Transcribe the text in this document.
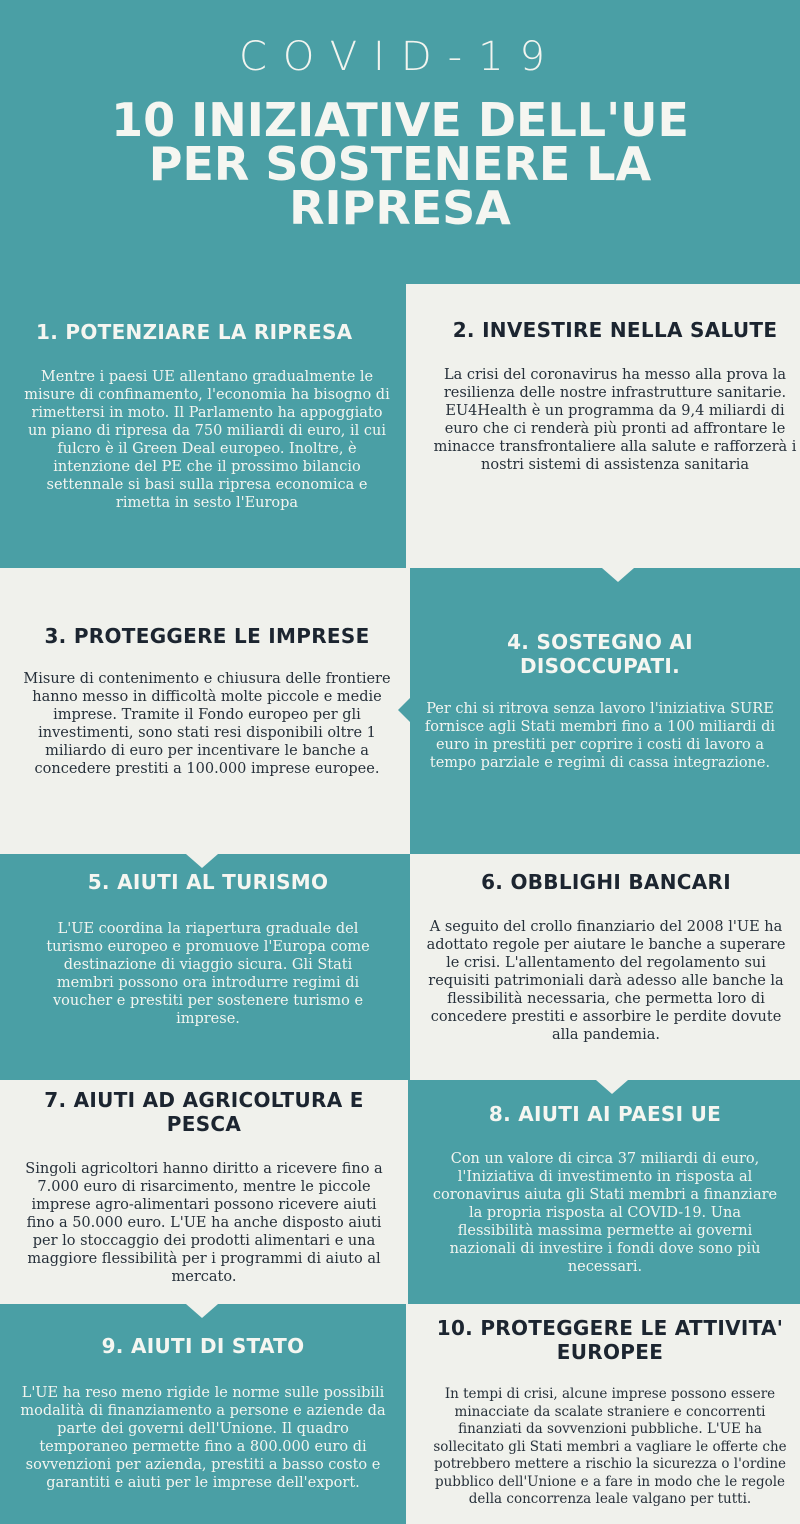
COVID-19
10 INIZIATIVE DELL'UE PER SOSTENERE LA RIPRESA
1. POTENZIARE LA RIPRESA

Mentre i paesi UE allentano gradualmente le misure di confinamento, l'economia ha bisogno di rimettersi in moto. Il Parlamento ha appoggiato un piano di ripresa da 750 miliardi di euro, il cui fulcro è il Green Deal europeo. Inoltre, è intenzione del PE che il prossimo bilancio settennale si basi sulla ripresa economica e rimetta in sesto l'Europa

2. INVESTIRE NELLA SALUTE

La crisi del coronavirus ha messo alla prova la resilienza delle nostre infrastrutture sanitarie. EU4Health è un programma da 9,4 miliardi di euro che ci renderà più pronti ad affrontare le minacce transfrontaliere alla salute e rafforzerà i nostri sistemi di assistenza sanitaria

3. PROTEGGERE LE IMPRESE

Misure di contenimento e chiusura delle frontiere hanno messo in difficoltà molte piccole e medie imprese. Tramite il Fondo europeo per gli investimenti, sono stati resi disponibili oltre 1 miliardo di euro per incentivare le banche a concedere prestiti a 100.000 imprese europee.

4. SOSTEGNO AI DISOCCUPATI.

Per chi si ritrova senza lavoro l'iniziativa SURE fornisce agli Stati membri fino a 100 miliardi di euro in prestiti per coprire i costi di lavoro a tempo parziale e regimi di cassa integrazione.

5. AIUTI AL TURISMO

L'UE coordina la riapertura graduale del turismo europeo e promuove l'Europa come destinazione di viaggio sicura. Gli Stati membri possono ora introdurre regimi di voucher e prestiti per sostenere turismo e imprese.

6. OBBLIGHI BANCARI

A seguito del crollo finanziario del 2008 l'UE ha adottato regole per aiutare le banche a superare le crisi. L'allentamento del regolamento sui requisiti patrimoniali darà adesso alle banche la flessibilità necessaria, che permetta loro di concedere prestiti e assorbire le perdite dovute alla pandemia.

7. AIUTI AD AGRICOLTURA E PESCA

Singoli agricoltori hanno diritto a ricevere fino a 7.000 euro di risarcimento, mentre le piccole imprese agro-alimentari possono ricevere aiuti fino a 50.000 euro. L'UE ha anche disposto aiuti per lo stoccaggio dei prodotti alimentari e una maggiore flessibilità per i programmi di aiuto al mercato.

8. AIUTI AI PAESI UE

Con un valore di circa 37 miliardi di euro, l'Iniziativa di investimento in risposta al coronavirus aiuta gli Stati membri a finanziare la propria risposta al COVID-19. Una flessibilità massima permette ai governi nazionali di investire i fondi dove sono più necessari.

9. AIUTI DI STATO

L'UE ha reso meno rigide le norme sulle possibili modalità di finanziamento a persone e aziende da parte dei governi dell'Unione. Il quadro temporaneo permette fino a 800.000 euro di sovvenzioni per azienda, prestiti a basso costo e garantiti e aiuti per le imprese dell'export.

10. PROTEGGERE LE ATTIVITA' EUROPEE

In tempi di crisi, alcune imprese possono essere minacciate da scalate straniere e concorrenti finanziati da sovvenzioni pubbliche. L'UE ha sollecitato gli Stati membri a vagliare le offerte che potrebbero mettere a rischio la sicurezza o l'ordine pubblico dell'Unione e a fare in modo che le regole della concorrenza leale valgano per tutti.
